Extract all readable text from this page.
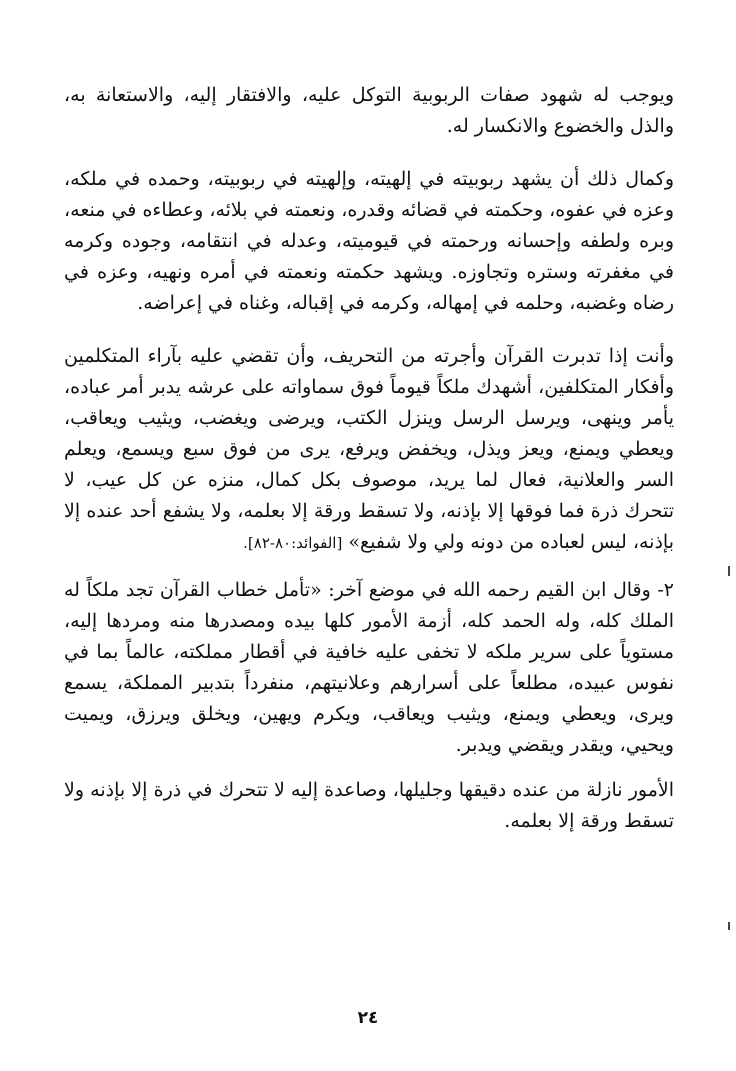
ويوجب له شهود صفات الربوبية التوكل عليه، والافتقار إليه، والاستعانة به، والذل والخضوع والانكسار له.

وكمال ذلك أن يشهد ربوبيته في إلهيته، وإلهيته في ربوبيته، وحمده في ملكه، وعزه في عفوه، وحكمته في قضائه وقدره، ونعمته في بلائه، وعطاءه في منعه، وبره ولطفه وإحسانه ورحمته في قيوميته، وعدله في انتقامه، وجوده وكرمه في مغفرته وستره وتجاوزه. ويشهد حكمته ونعمته في أمره ونهيه، وعزه في رضاه وغضبه، وحلمه في إمهاله، وكرمه في إقباله، وغناه في إعراضه.

وأنت إذا تدبرت القرآن وأجرته من التحريف، وأن تقضي عليه بآراء المتكلمين وأفكار المتكلفين، أشهدك ملكاً قيوماً فوق سماواته على عرشه يدبر أمر عباده، يأمر وينهى، ويرسل الرسل وينزل الكتب، ويرضى ويغضب، ويثيب ويعاقب، ويعطي ويمنع، ويعز ويذل، ويخفض ويرفع، يرى من فوق سبع ويسمع، ويعلم السر والعلانية، فعال لما يريد، موصوف بكل كمال، منزه عن كل عيب، لا تتحرك ذرة فما فوقها إلا بإذنه، ولا تسقط ورقة إلا بعلمه، ولا يشفع أحد عنده إلا بإذنه، ليس لعباده من دونه ولي ولا شفيع» [الفوائد:٨٠-٨٢].

٢- وقال ابن القيم رحمه الله في موضع آخر: «تأمل خطاب القرآن تجد ملكاً له الملك كله، وله الحمد كله، أزمة الأمور كلها بيده ومصدرها منه ومردها إليه، مستوياً على سرير ملكه لا تخفى عليه خافية في أقطار مملكته، عالماً بما في نفوس عبيده، مطلعاً على أسرارهم وعلانيتهم، منفرداً بتدبير المملكة، يسمع ويرى، ويعطي ويمنع، ويثيب ويعاقب، ويكرم ويهين، ويخلق ويرزق، ويميت ويحيي، ويقدر ويقضي ويدبر.

الأمور نازلة من عنده دقيقها وجليلها، وصاعدة إليه لا تتحرك في ذرة إلا بإذنه ولا تسقط ورقة إلا بعلمه.

٢٤
